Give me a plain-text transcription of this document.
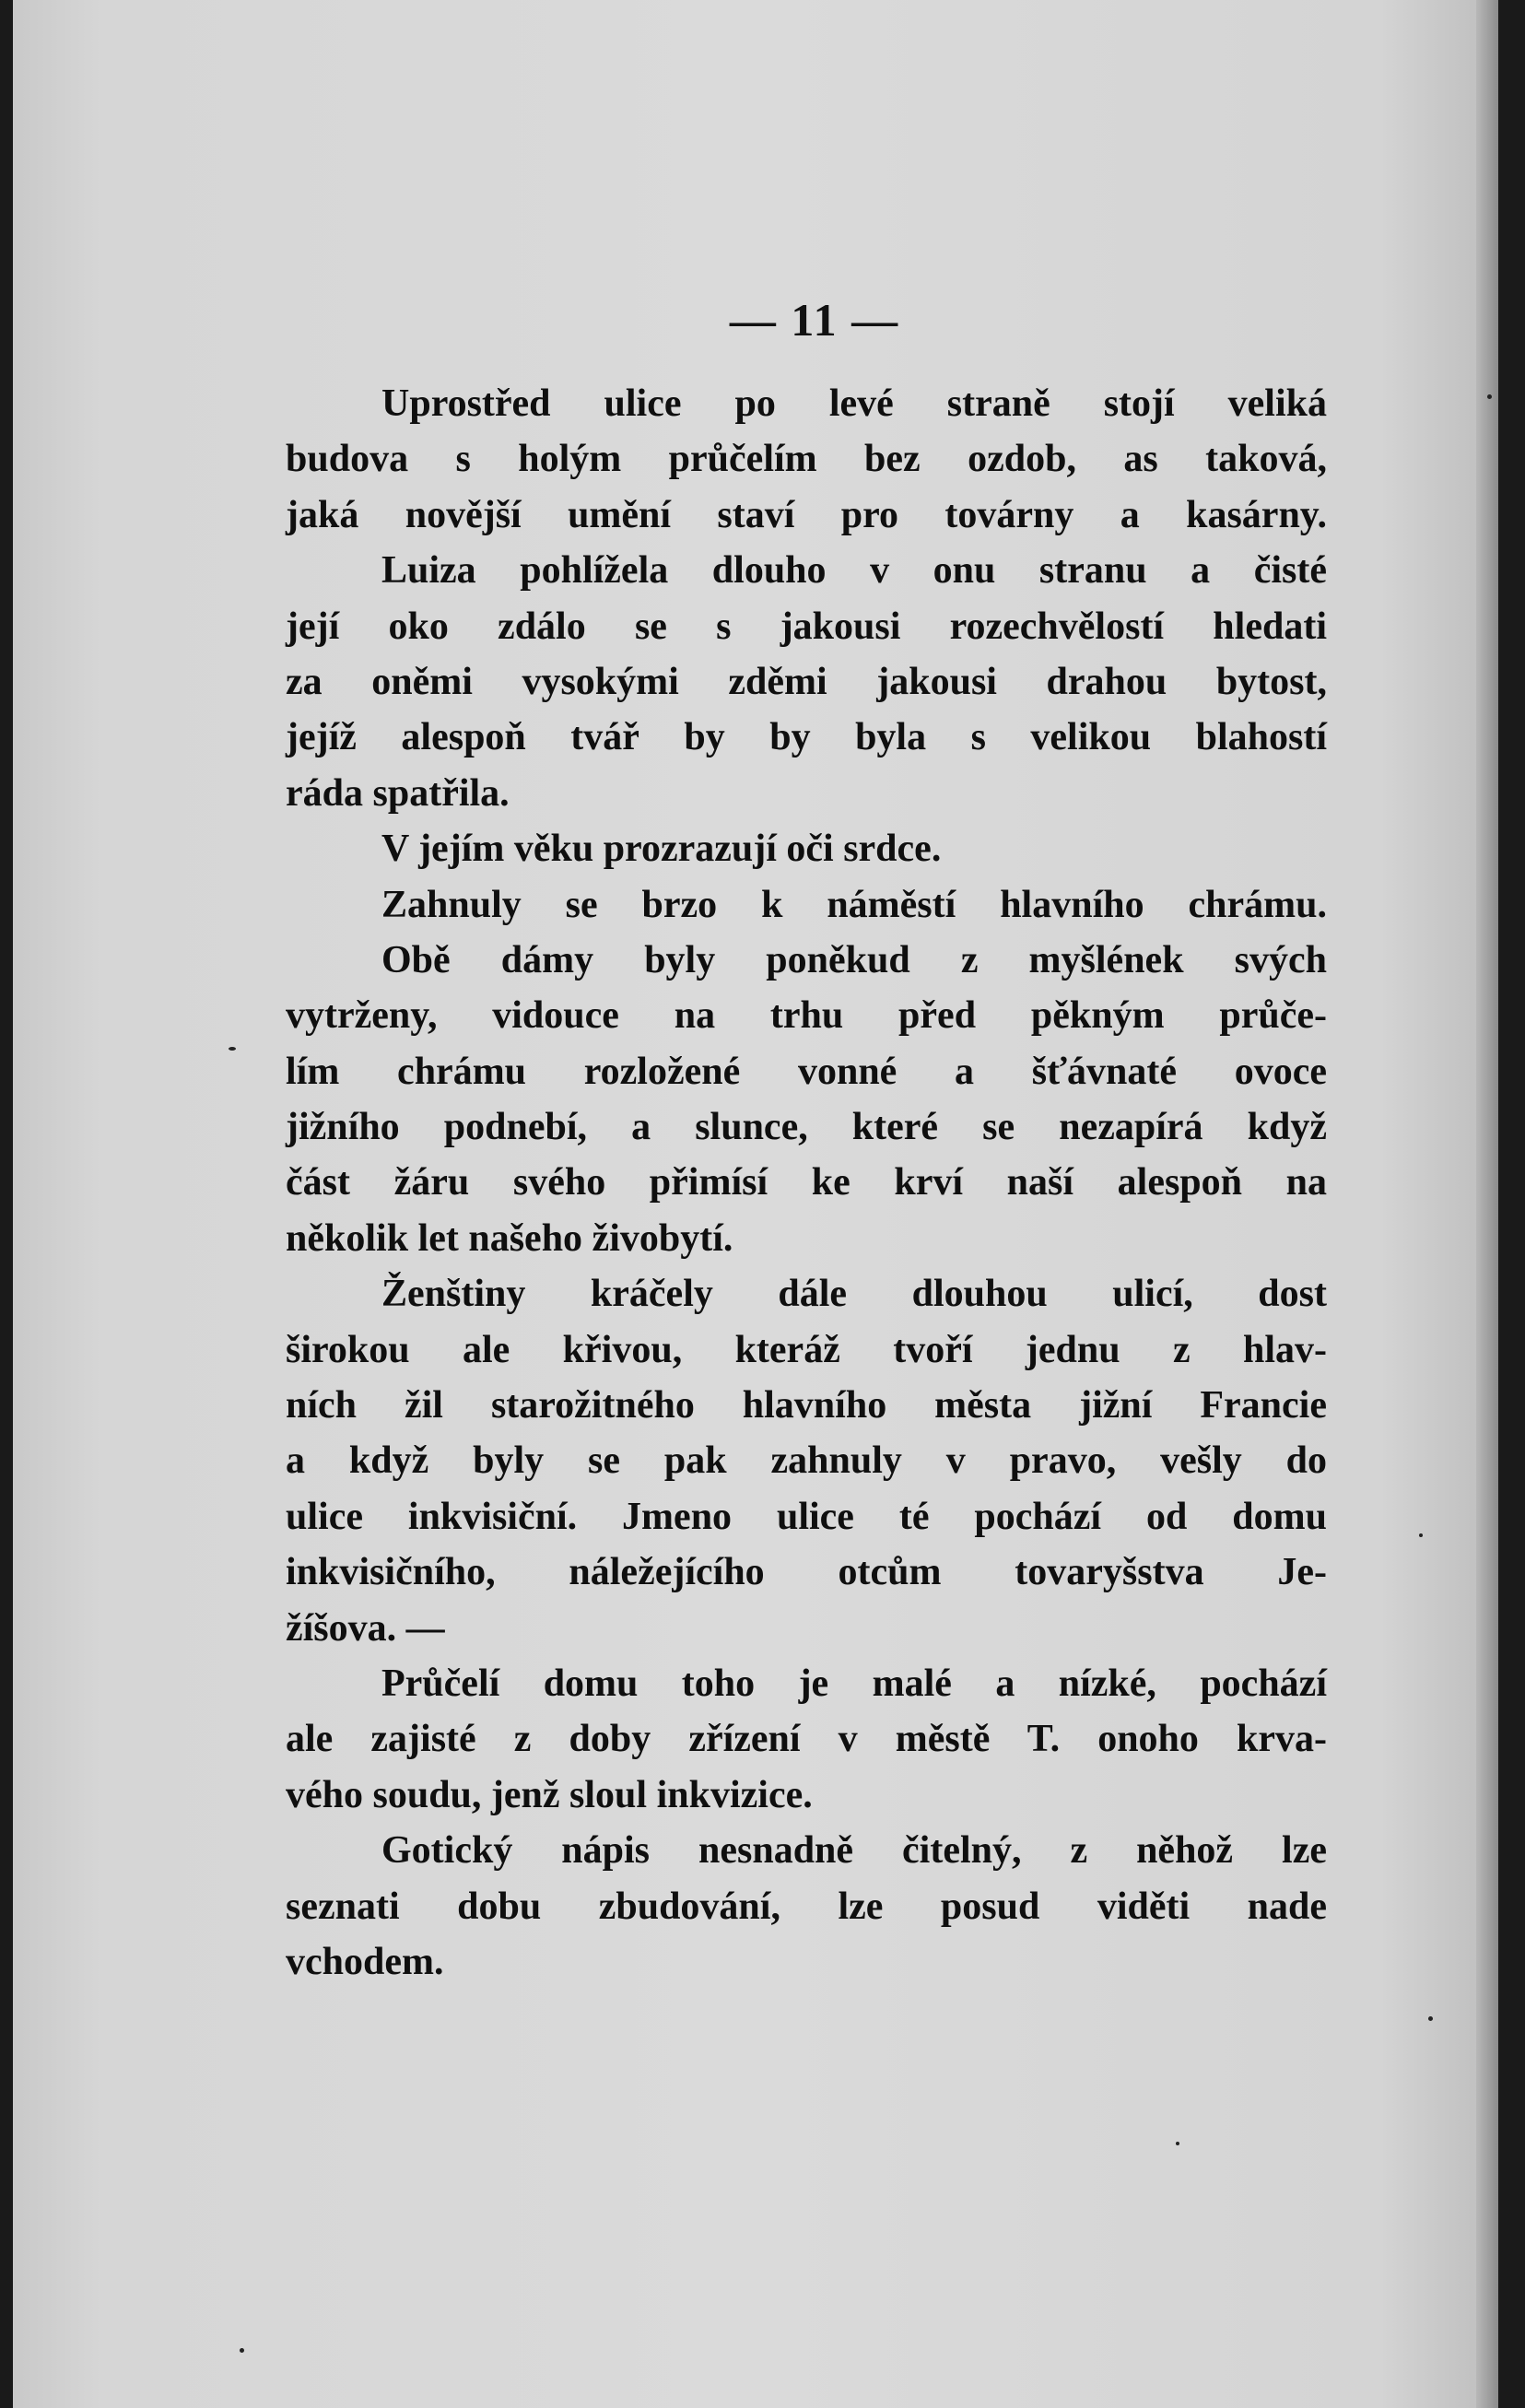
— 11 —
Uprostřed ulice po levé straně stojí veliká
budova s holým průčelím bez ozdob, as taková,
jaká novější umění staví pro továrny a kasárny.
Luiza pohlížela dlouho v onu stranu a čisté
její oko zdálo se s jakousi rozechvělostí hledati
za oněmi vysokými zděmi jakousi drahou bytost,
jejíž alespoň tvář by by byla s velikou blahostí
ráda spatřila.
V jejím věku prozrazují oči srdce.
Zahnuly se brzo k náměstí hlavního chrámu.
Obě dámy byly poněkud z myšlének svých
vytrženy, vidouce na trhu před pěkným průče-
lím chrámu rozložené vonné a šťávnaté ovoce
jižního podnebí, a slunce, které se nezapírá když
část žáru svého přimísí ke krví naší alespoň na
několik let našeho živobytí.
Ženštiny kráčely dále dlouhou ulicí, dost
širokou ale křivou, kteráž tvoří jednu z hlav-
ních žil starožitného hlavního města jižní Francie
a když byly se pak zahnuly v pravo, vešly do
ulice inkvisiční. Jmeno ulice té pochází od domu
inkvisičního, náležejícího otcům tovaryšstva Je-
žíšova. —
Průčelí domu toho je malé a nízké, pochází
ale zajisté z doby zřízení v městě T. onoho krva-
vého soudu, jenž sloul inkvizice.
Gotický nápis nesnadně čitelný, z něhož lze
seznati dobu zbudování, lze posud viděti nade
vchodem.
